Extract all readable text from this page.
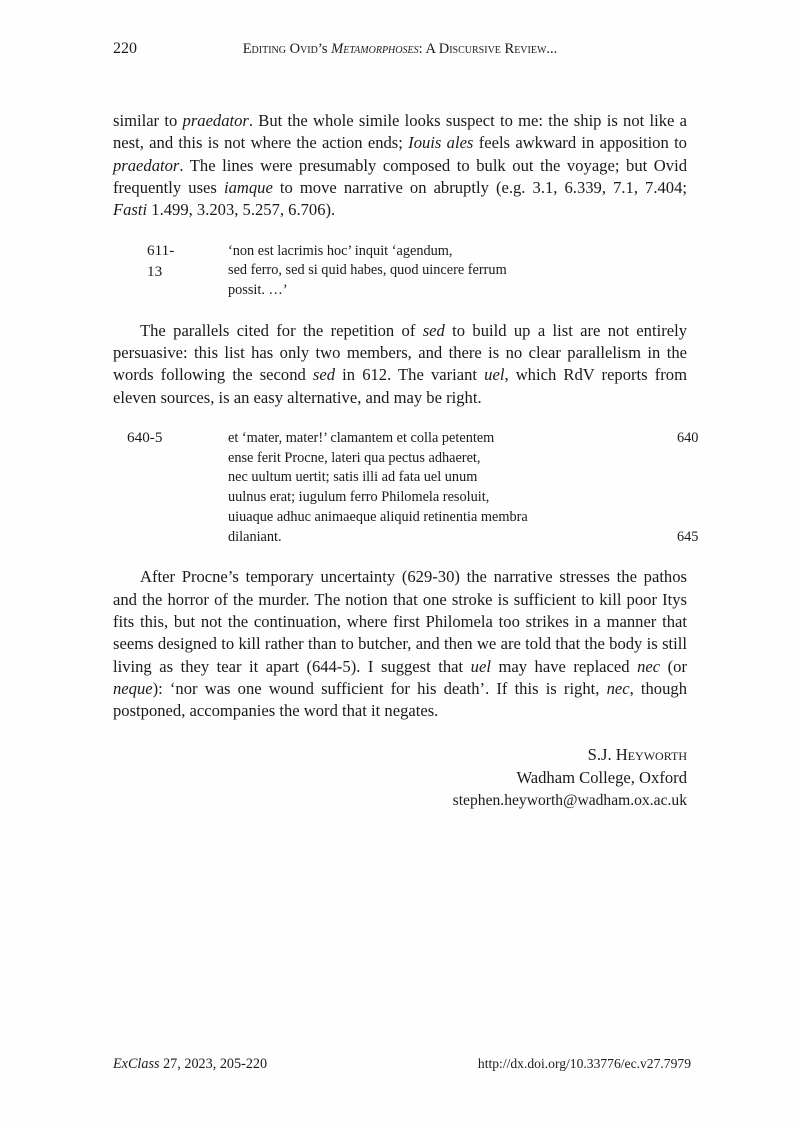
220	Editing Ovid’s Metamorphoses: A Discursive Review...

similar to praedator. But the whole simile looks suspect to me: the ship is not like a nest, and this is not where the action ends; Iouis ales feels awkward in apposition to praedator. The lines were presumably composed to bulk out the voyage; but Ovid frequently uses iamque to move narrative on abruptly (e.g. 3.1, 6.339, 7.1, 7.404; Fasti 1.499, 3.203, 5.257, 6.706).

611-13
‘non est lacrimis hoc’ inquit ‘agendum,
sed ferro, sed si quid habes, quod uincere ferrum
possit. …’

The parallels cited for the repetition of sed to build up a list are not entirely persuasive: this list has only two members, and there is no clear parallelism in the words following the second sed in 612. The variant uel, which RdV reports from eleven sources, is an easy alternative, and may be right.

640-5	et ‘mater, mater!’ clamantem et colla petentem	640
ense ferit Procne, lateri qua pectus adhaeret,
nec uultum uertit; satis illi ad fata uel unum
uulnus erat; iugulum ferro Philomela resoluit,
uiuaque adhuc animaeque aliquid retinentia membra
dilaniant.	645

After Procne’s temporary uncertainty (629-30) the narrative stresses the pathos and the horror of the murder. The notion that one stroke is sufficient to kill poor Itys fits this, but not the continuation, where first Philomela too strikes in a manner that seems designed to kill rather than to butcher, and then we are told that the body is still living as they tear it apart (644-5). I suggest that uel may have replaced nec (or neque): ‘nor was one wound sufficient for his death’. If this is right, nec, though postponed, accompanies the word that it negates.

S.J. Heyworth
Wadham College, Oxford
stephen.heyworth@wadham.ox.ac.uk
ExClass 27, 2023, 205-220	http://dx.doi.org/10.33776/ec.v27.7979
